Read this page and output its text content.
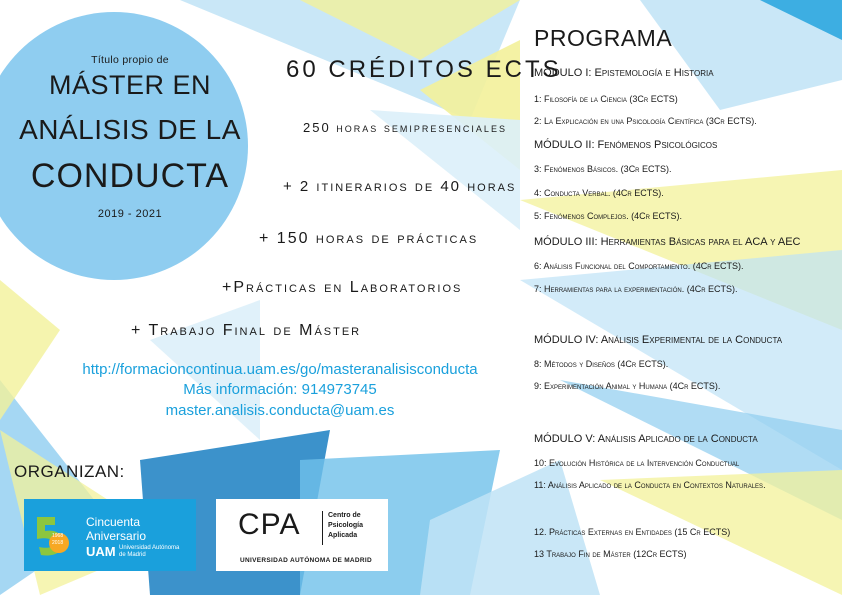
Título propio de
MÁSTER EN
ANÁLISIS DE LA
CONDUCTA
2019 - 2021
60 CRÉDITOS ECTS
250 horas semipresenciales
+ 2 itinerarios de 40 horas
+ 150 horas de prácticas
+Prácticas en Laboratorios
+ Trabajo Final de Máster
http://formacioncontinua.uam.es/go/masteranalisisconducta
Más información: 914973745
master.analisis.conducta@uam.es
ORGANIZAN:
1968
2018
Cincuenta
Aniversario
UAM Universidad Autónoma
de Madrid
CPA	Centro de
Psicología
Aplicada
UNIVERSIDAD AUTÓNOMA DE MADRID
PROGRAMA
MÓDULO I: Epistemología e Historia
1: Filosofía de la Ciencia (3Cr ECTS)
2: La Explicación en una Psicología Científica (3Cr ECTS).
MÓDULO II: Fenómenos Psicológicos
3: Fenómenos Básicos. (3Cr ECTS).
4: Conducta Verbal. (4Cr ECTS).
5: Fenómenos Complejos. (4Cr ECTS).
MÓDULO III: Herramientas Básicas para el ACA y AEC
6: Análisis Funcional del Comportamiento. (4Cr ECTS).
7: Herramientas para la experimentación. (4Cr ECTS).
MÓDULO IV: Análisis Experimental de la Conducta
8: Métodos y Diseños (4Cr ECTS).
9: Experimentación Animal y Humana (4Cr ECTS).
MÓDULO V: Análisis Aplicado de la Conducta
10: Evolución Histórica de la Intervención Conductual
11: Análisis Aplicado de la Conducta en Contextos Naturales.
12. Prácticas Externas en Entidades (15 Cr ECTS)
13 Trabajo Fin de Máster (12Cr ECTS)
